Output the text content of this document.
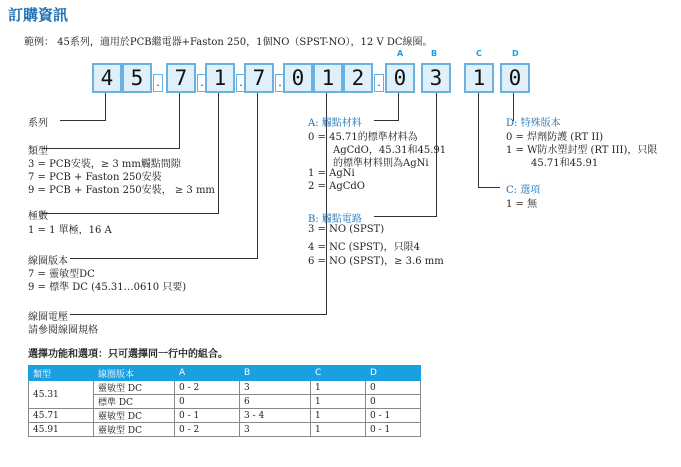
訂購資訊
範例： 45系列，適用於PCB繼電器+Faston 250，1個NO（SPST-NO），12 V DC線圈。
A	B	C	D
4 5	. 7	. 1	. 7	. 0 1 2	. 0	3	1	0
系列
類型
3 = PCB安裝，≥ 3 mm觸點間隙
7 = PCB + Faston 250安裝
9 = PCB + Faston 250安裝， ≥ 3 mm
極數
1 = 1 單極，16 A
線圈版本
7 = 靈敏型DC
9 = 標準 DC (45.31…0610 只要)
線圈電壓
請參閱線圈規格
A: 觸點材料
0 = 45.71的標準材料為
AgCdO，45.31和45.91
的標準材料則為AgNi
1 = AgNi
2 = AgCdO
B: 觸點電路
3 = NO (SPST)
4 = NC (SPST)，只限4
6 = NO (SPST)，≥ 3.6 mm
D: 特殊版本
0 = 焊劑防護 (RT II)
1 = W防水塑封型 (RT III)，只限
45.71和45.91
C: 選項
1 = 無
選擇功能和選項：只可選擇同一行中的組合。
類型	線圈版本	A	B	C	D
45.31	靈敏型 DC	0 - 2	3	1	0
	標準 DC	0	6	1	0
45.71	靈敏型 DC	0 - 1	3 - 4	1	0 - 1
45.91	靈敏型 DC	0 - 2	3	1	0 - 1
